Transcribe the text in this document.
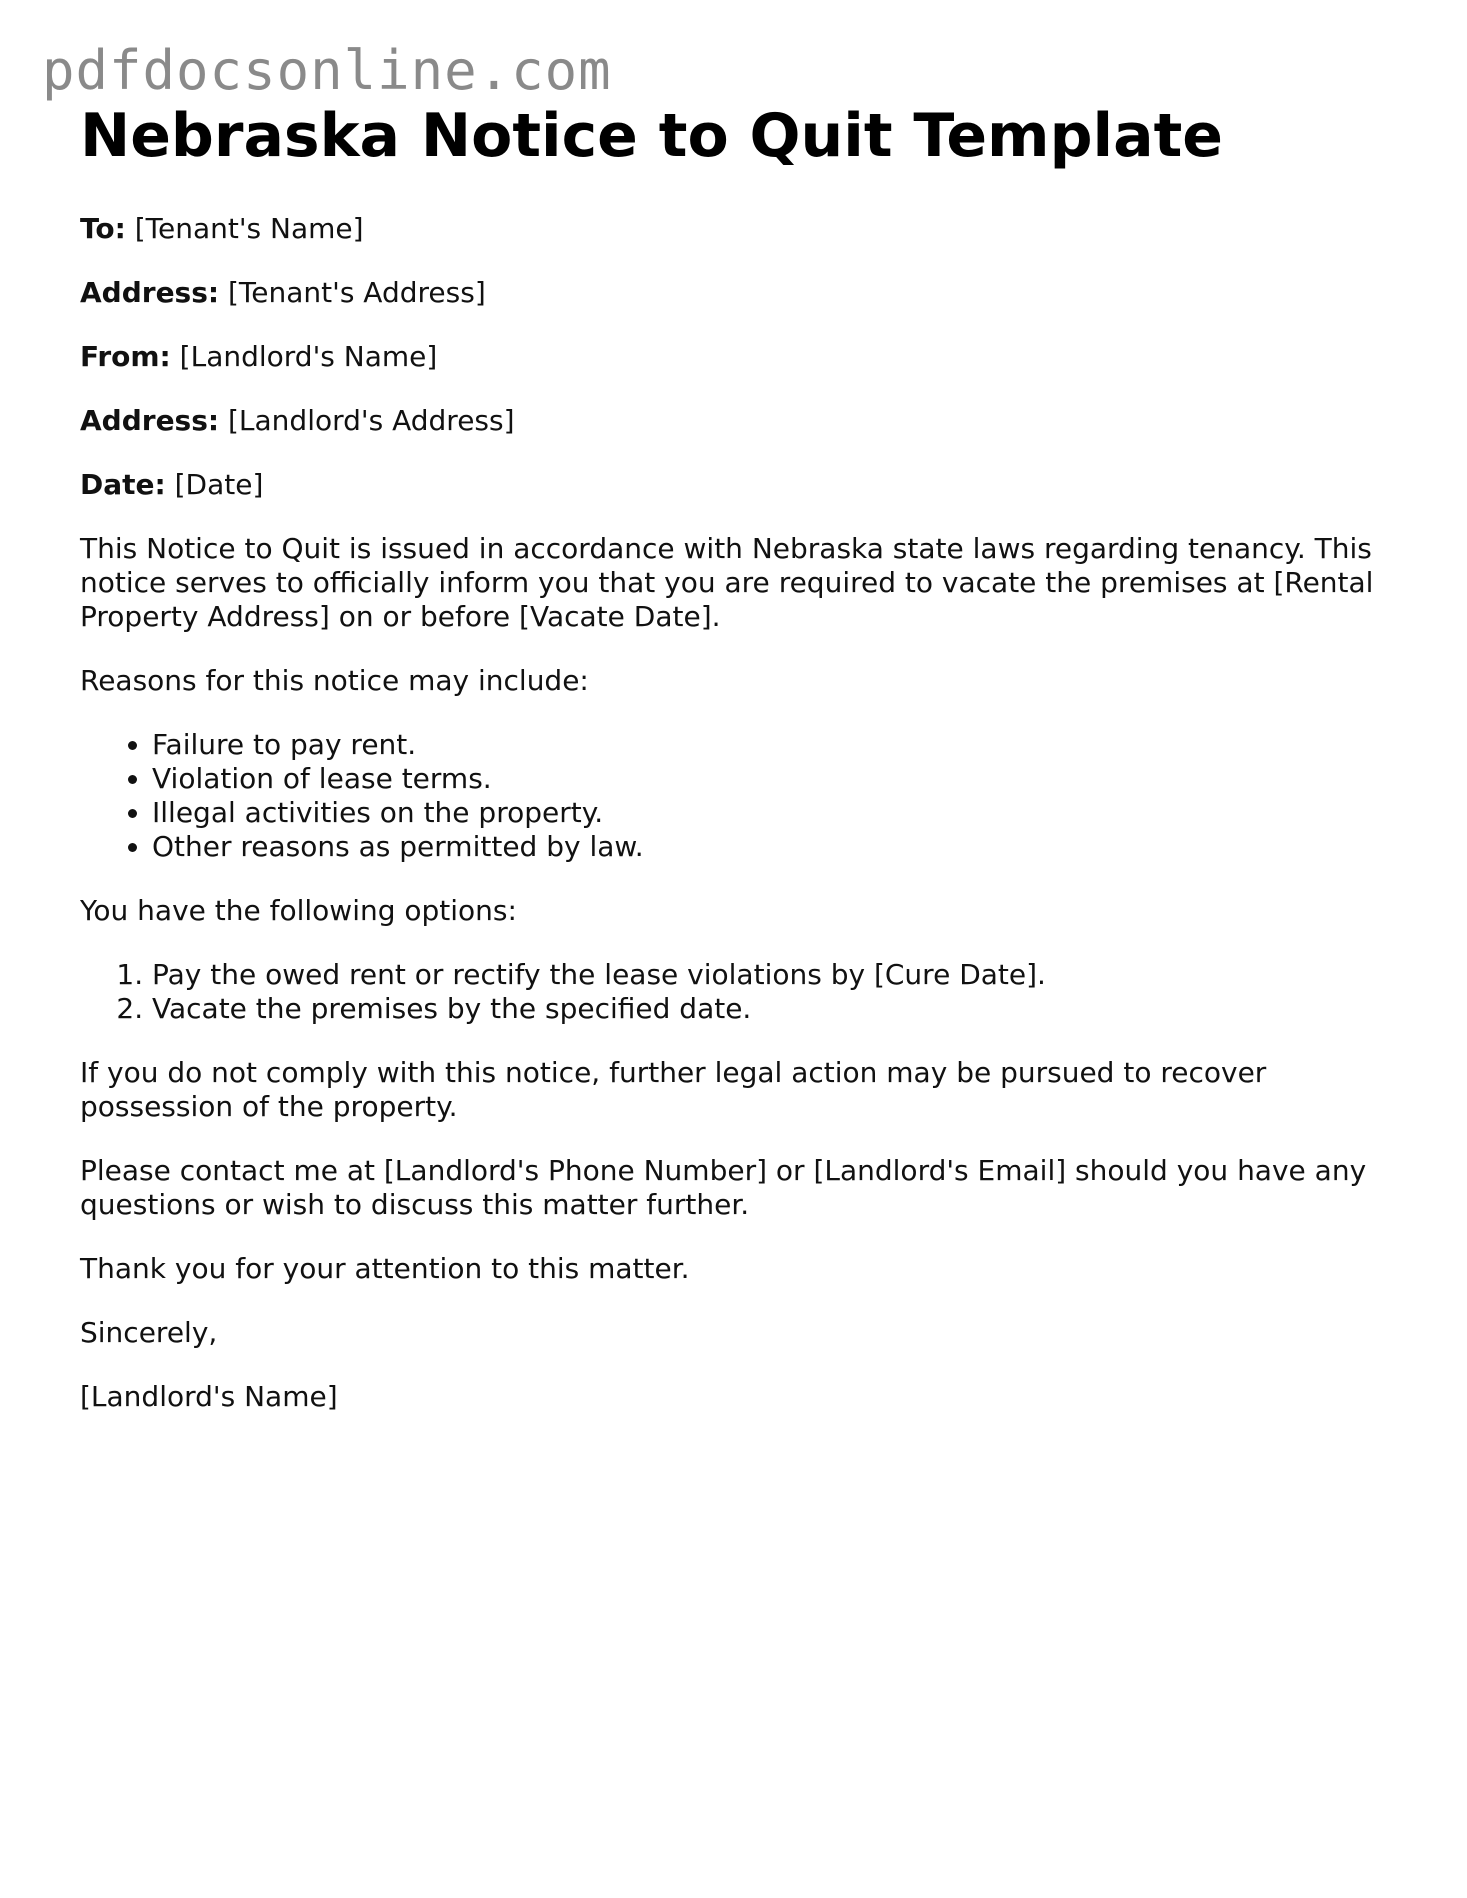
pdfdocsonline.com
Nebraska Notice to Quit Template
To: [Tenant's Name]
Address: [Tenant's Address]
From: [Landlord's Name]
Address: [Landlord's Address]
Date: [Date]

This Notice to Quit is issued in accordance with Nebraska state laws regarding tenancy. This notice serves to officially inform you that you are required to vacate the premises at [Rental Property Address] on or before [Vacate Date].

Reasons for this notice may include:

• Failure to pay rent.
• Violation of lease terms.
• Illegal activities on the property.
• Other reasons as permitted by law.

You have the following options:

1. Pay the owed rent or rectify the lease violations by [Cure Date].
2. Vacate the premises by the specified date.

If you do not comply with this notice, further legal action may be pursued to recover possession of the property.

Please contact me at [Landlord's Phone Number] or [Landlord's Email] should you have any questions or wish to discuss this matter further.

Thank you for your attention to this matter.

Sincerely,

[Landlord's Name]
